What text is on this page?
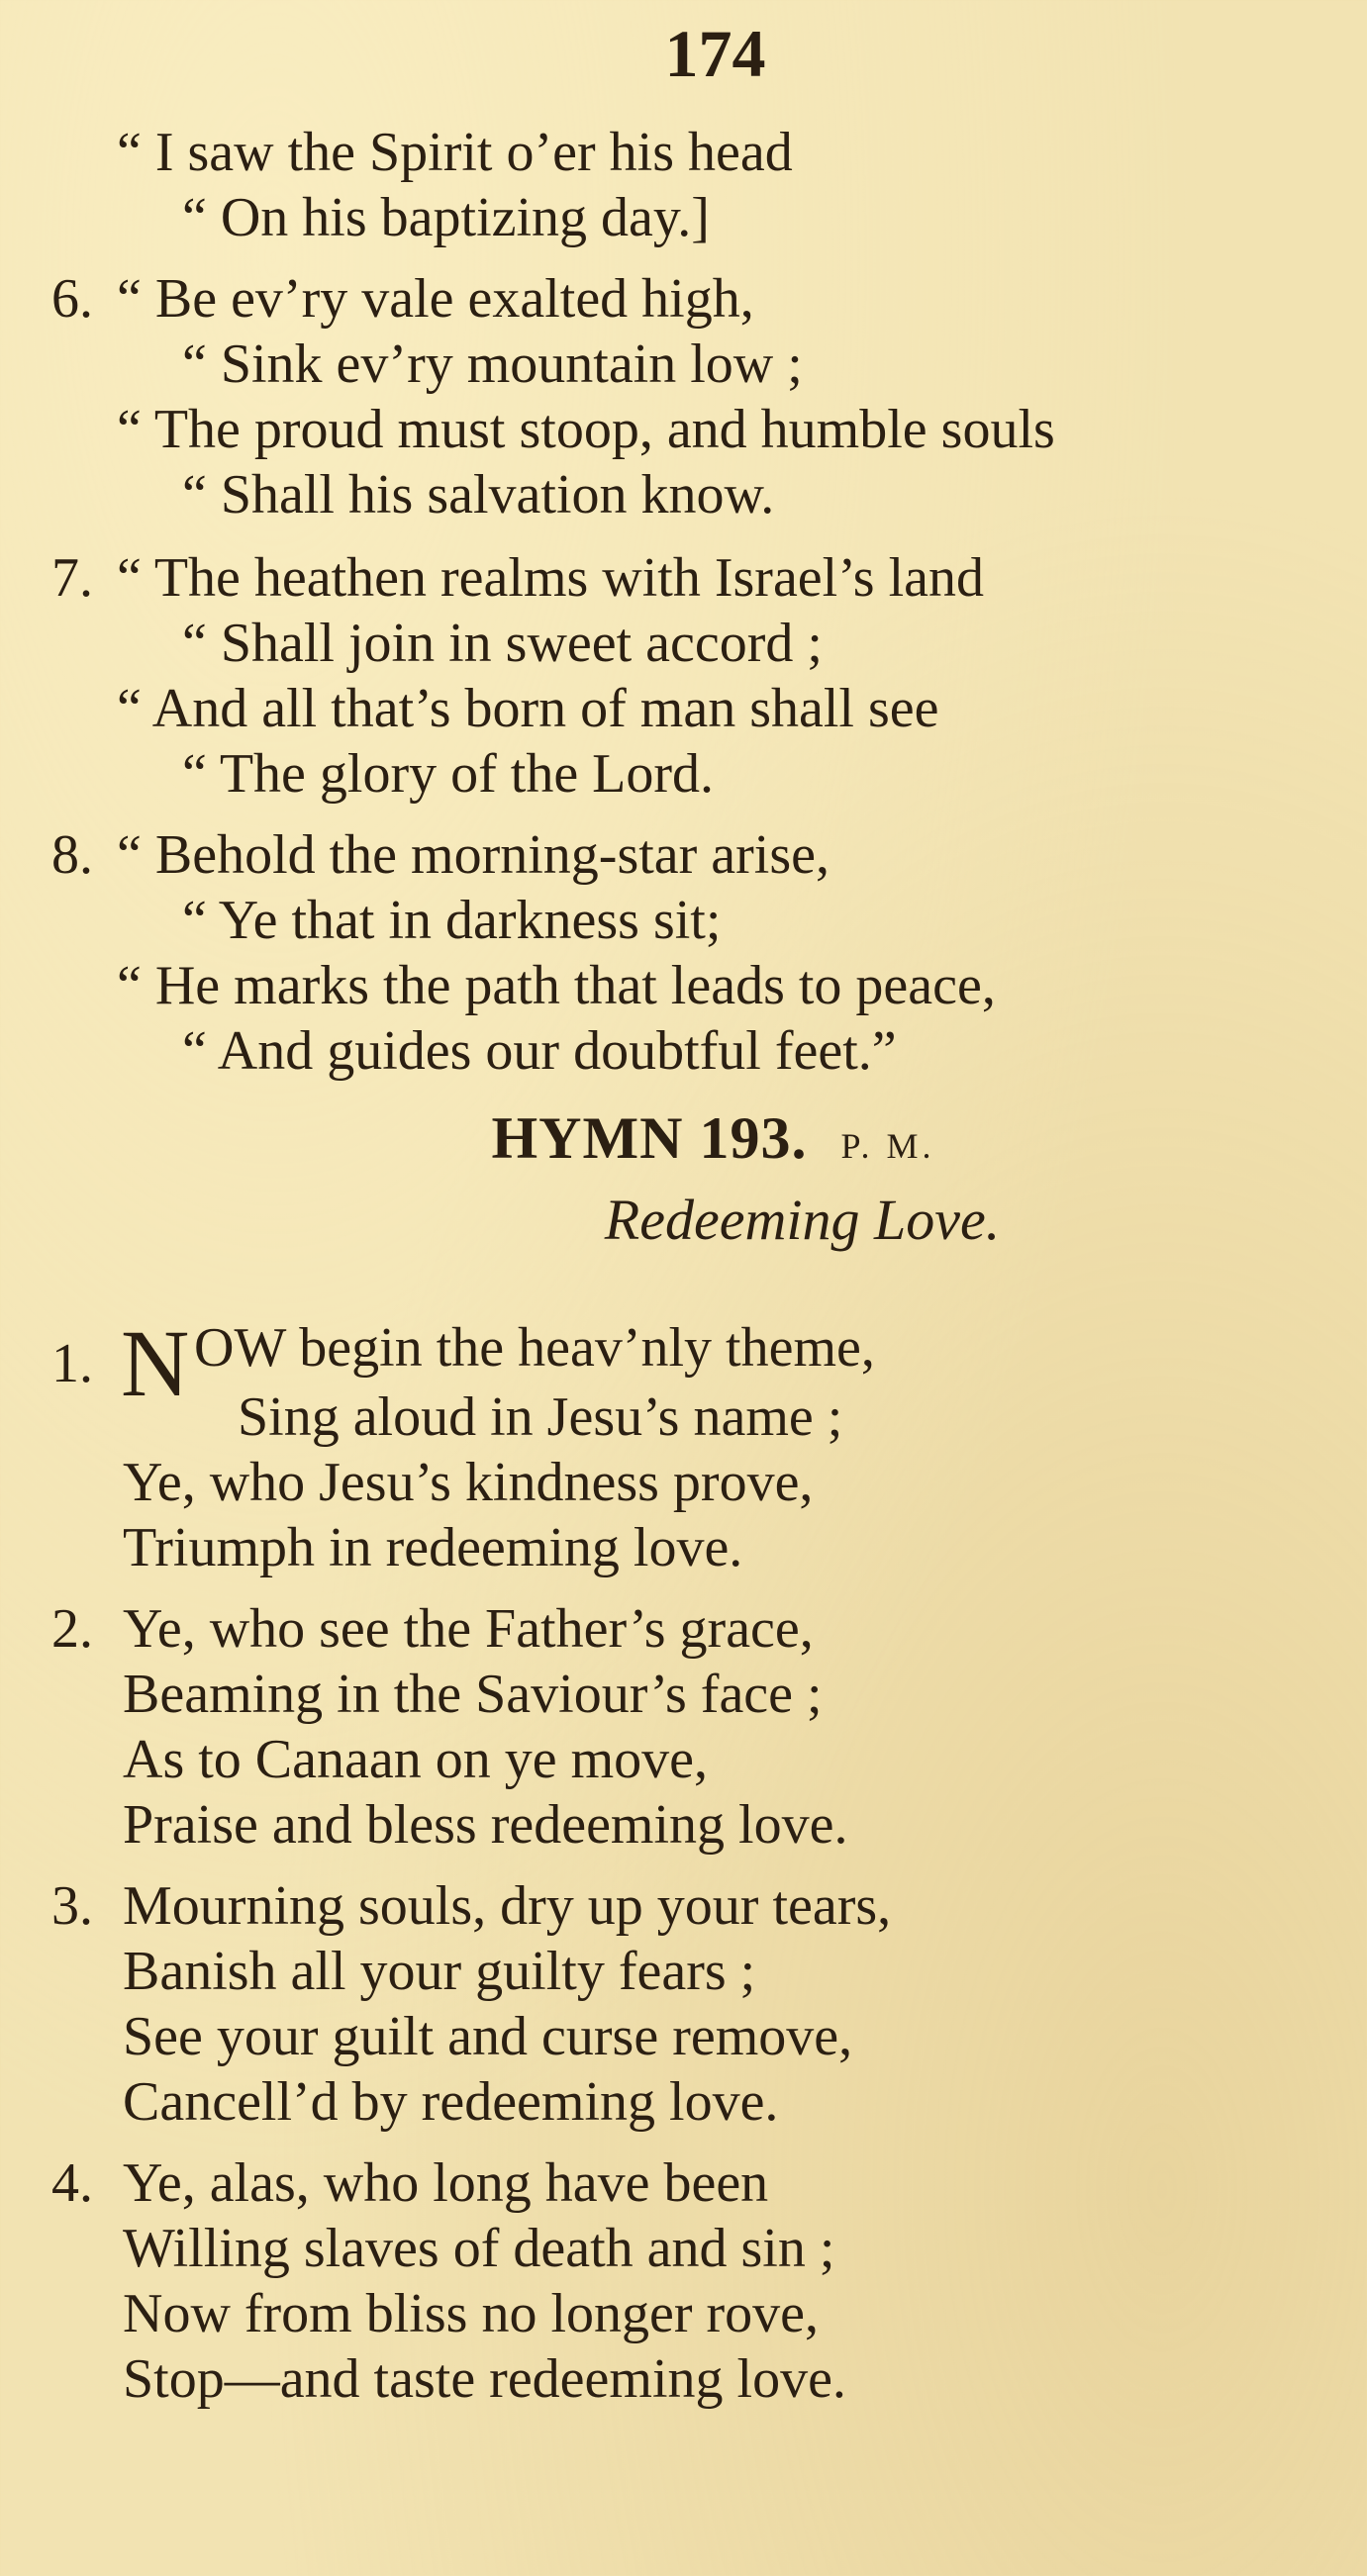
174
“ I saw the Spirit o’er his head
“ On his baptizing day.]
6. “ Be ev’ry vale exalted high,
“ Sink ev’ry mountain low ;
“ The proud must stoop, and humble souls
“ Shall his salvation know.
7. “ The heathen realms with Israel’s land
“ Shall join in sweet accord ;
“ And all that’s born of man shall see
“ The glory of the Lord.
8. “ Behold the morning-star arise,
“ Ye that in darkness sit;
“ He marks the path that leads to peace,
“ And guides our doubtful feet.”
HYMN 193. P. M.
Redeeming Love.
1. N OW begin the heav’nly theme,
Sing aloud in Jesu’s name ;
Ye, who Jesu’s kindness prove,
Triumph in redeeming love.
2. Ye, who see the Father’s grace,
Beaming in the Saviour’s face ;
As to Canaan on ye move,
Praise and bless redeeming love.
3. Mourning souls, dry up your tears,
Banish all your guilty fears ;
See your guilt and curse remove,
Cancell’d by redeeming love.
4. Ye, alas, who long have been
Willing slaves of death and sin ;
Now from bliss no longer rove,
Stop—and taste redeeming love.
